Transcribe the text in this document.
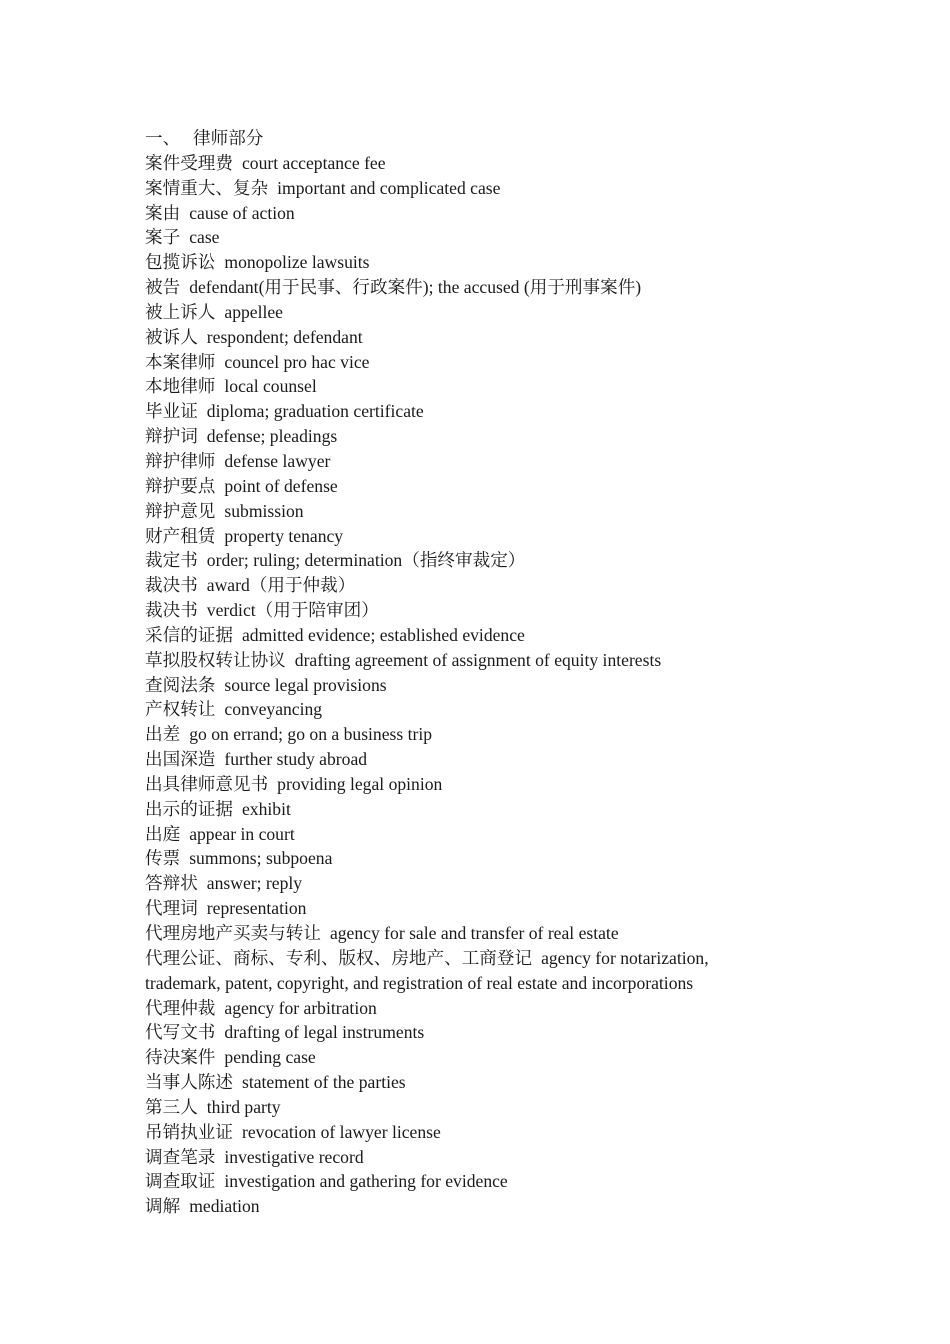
一、 律师部分
案件受理费 court acceptance fee
案情重大、复杂 important and complicated case
案由 cause of action
案子 case
包揽诉讼 monopolize lawsuits
被告 defendant(用于民事、行政案件); the accused (用于刑事案件)
被上诉人 appellee
被诉人 respondent; defendant
本案律师 councel pro hac vice
本地律师 local counsel
毕业证 diploma; graduation certificate
辩护词 defense; pleadings
辩护律师 defense lawyer
辩护要点 point of defense
辩护意见 submission
财产租赁 property tenancy
裁定书 order; ruling; determination（指终审裁定）
裁决书 award（用于仲裁）
裁决书 verdict（用于陪审团）
采信的证据 admitted evidence; established evidence
草拟股权转让协议 drafting agreement of assignment of equity interests
查阅法条 source legal provisions
产权转让 conveyancing
出差 go on errand; go on a business trip
出国深造 further study abroad
出具律师意见书 providing legal opinion
出示的证据 exhibit
出庭 appear in court
传票 summons; subpoena
答辩状 answer; reply
代理词 representation
代理房地产买卖与转让 agency for sale and transfer of real estate
代理公证、商标、专利、版权、房地产、工商登记 agency for notarization, trademark, patent, copyright, and registration of real estate and incorporations
代理仲裁 agency for arbitration
代写文书 drafting of legal instruments
待决案件 pending case
当事人陈述 statement of the parties
第三人 third party
吊销执业证 revocation of lawyer license
调查笔录 investigative record
调查取证 investigation and gathering for evidence
调解 mediation
